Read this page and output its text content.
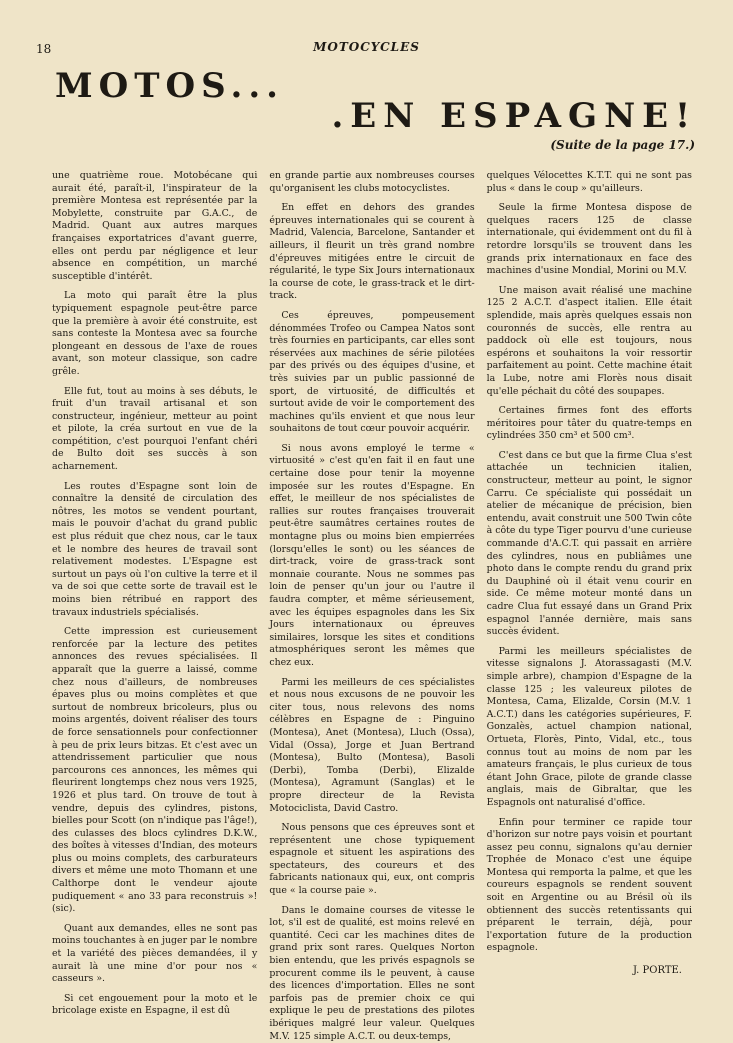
18	MOTOCYCLES
MOTOS...
.EN ESPAGNE!
(Suite de la page 17.)

une quatrième roue. Motobécane qui aurait été, paraît-il, l'inspirateur de la première Montesa est représentée par la Mobylette, construite par G.A.C., de Madrid. Quant aux autres marques françaises exportatrices d'avant guerre, elles ont perdu par négligence et leur absence en compétition, un marché susceptible d'intérêt.

La moto qui paraît être la plus typiquement espagnole peut-être parce que la première à avoir été construite, est sans conteste la Montesa avec sa fourche plongeant en dessous de l'axe de roues avant, son moteur classique, son cadre grêle.

Elle fut, tout au moins à ses débuts, le fruit d'un travail artisanal et son constructeur, ingénieur, metteur au point et pilote, la créa surtout en vue de la compétition, c'est pourquoi l'enfant chéri de Bulto doit ses succès à son acharnement.

Les routes d'Espagne sont loin de connaître la densité de circulation des nôtres, les motos se vendent pourtant, mais le pouvoir d'achat du grand public est plus réduit que chez nous, car le taux et le nombre des heures de travail sont relativement modestes. L'Espagne est surtout un pays où l'on cultive la terre et il va de soi que cette sorte de travail est le moins bien rétribué en rapport des travaux industriels spécialisés.

Cette impression est curieusement renforcée par la lecture des petites annonces des revues spécialisées. Il apparaît que la guerre a laissé, comme chez nous d'ailleurs, de nombreuses épaves plus ou moins complètes et que surtout de nombreux bricoleurs, plus ou moins argentés, doivent réaliser des tours de force sensationnels pour confectionner à peu de prix leurs bitzas. Et c'est avec un attendrissement particulier que nous parcourons ces annonces, les mêmes qui fleurirent longtemps chez nous vers 1925, 1926 et plus tard. On trouve de tout à vendre, depuis des cylindres, pistons, bielles pour Scott (on n'indique pas l'âge!), des culasses des blocs cylindres D.K.W., des boîtes à vitesses d'Indian, des moteurs plus ou moins complets, des carburateurs divers et même une moto Thomann et une Calthorpe dont le vendeur ajoute pudiquement « ano 33 para reconstruis »! (sic).

Quant aux demandes, elles ne sont pas moins touchantes à en juger par le nombre et la variété des pièces demandées, il y aurait là une mine d'or pour nos « casseurs ».

Si cet engouement pour la moto et le bricolage existe en Espagne, il est dû

en grande partie aux nombreuses courses qu'organisent les clubs motocyclistes.

En effet en dehors des grandes épreuves internationales qui se courent à Madrid, Valencia, Barcelone, Santander et ailleurs, il fleurit un très grand nombre d'épreuves mitigées entre le circuit de régularité, le type Six Jours internationaux la course de cote, le grass-track et le dirt-track.

Ces épreuves, pompeusement dénommées Trofeo ou Campea Natos sont très fournies en participants, car elles sont réservées aux machines de série pilotées par des privés ou des équipes d'usine, et très suivies par un public passionné de sport, de virtuosité, de difficultés et surtout avide de voir le comportement des machines qu'ils envient et que nous leur souhaitons de tout cœur pouvoir acquérir.

Si nous avons employé le terme « virtuosité » c'est qu'en fait il en faut une certaine dose pour tenir la moyenne imposée sur les routes d'Espagne. En effet, le meilleur de nos spécialistes de rallies sur routes françaises trouverait peut-être saumâtres certaines routes de montagne plus ou moins bien empierrées (lorsqu'elles le sont) ou les séances de dirt-track, voire de grass-track sont monnaie courante. Nous ne sommes pas loin de penser qu'un jour ou l'autre il faudra compter, et même sérieusement, avec les équipes espagnoles dans les Six Jours internationaux ou épreuves similaires, lorsque les sites et conditions atmosphériques seront les mêmes que chez eux.

Parmi les meilleurs de ces spécialistes et nous nous excusons de ne pouvoir les citer tous, nous relevons des noms célèbres en Espagne de : Pinguino (Montesa), Anet (Montesa), Lluch (Ossa), Vidal (Ossa), Jorge et Juan Bertrand (Montesa), Bulto (Montesa), Basoli (Derbi), Tomba (Derbi), Elizalde (Montesa), Agramunt (Sanglas) et le propre directeur de la Revista Motociclista, David Castro.

Nous pensons que ces épreuves sont et représentent une chose typiquement espagnole et situent les aspirations des spectateurs, des coureurs et des fabricants nationaux qui, eux, ont compris que « la course paie ».

Dans le domaine courses de vitesse le lot, s'il est de qualité, est moins relevé en quantité. Ceci car les machines dites de grand prix sont rares. Quelques Norton bien entendu, que les privés espagnols se procurent comme ils le peuvent, à cause des licences d'importation. Elles ne sont parfois pas de premier choix ce qui explique le peu de prestations des pilotes ibériques malgré leur valeur. Quelques M.V. 125 simple A.C.T. ou deux-temps,

quelques Vélocettes K.T.T. qui ne sont pas plus « dans le coup » qu'ailleurs.

Seule la firme Montesa dispose de quelques racers 125 de classe internationale, qui évidemment ont du fil à retordre lorsqu'ils se trouvent dans les grands prix internationaux en face des machines d'usine Mondial, Morini ou M.V.

Une maison avait réalisé une machine 125 2 A.C.T. d'aspect italien. Elle était splendide, mais après quelques essais non couronnés de succès, elle rentra au paddock où elle est toujours, nous espérons et souhaitons la voir ressortir parfaitement au point. Cette machine était la Lube, notre ami Florès nous disait qu'elle péchait du côté des soupapes.

Certaines firmes font des efforts méritoires pour tâter du quatre-temps en cylindrées 350 cm³ et 500 cm³.

C'est dans ce but que la firme Clua s'est attachée un technicien italien, constructeur, metteur au point, le signor Carru. Ce spécialiste qui possédait un atelier de mécanique de précision, bien entendu, avait construit une 500 Twin côte à côte du type Tiger pourvu d'une curieuse commande d'A.C.T. qui passait en arrière des cylindres, nous en publiâmes une photo dans le compte rendu du grand prix du Dauphiné où il était venu courir en side. Ce même moteur monté dans un cadre Clua fut essayé dans un Grand Prix espagnol l'année dernière, mais sans succès évident.

Parmi les meilleurs spécialistes de vitesse signalons J. Atorassagasti (M.V. simple arbre), champion d'Espagne de la classe 125 ; les valeureux pilotes de Montesa, Cama, Elizalde, Corsin (M.V. 1 A.C.T.) dans les catégories supérieures, F. Gonzalès, actuel champion national, Ortueta, Florès, Pinto, Vidal, etc., tous connus tout au moins de nom par les amateurs français, le plus curieux de tous étant John Grace, pilote de grande classe anglais, mais de Gibraltar, que les Espagnols ont naturalisé d'office.

Enfin pour terminer ce rapide tour d'horizon sur notre pays voisin et pourtant assez peu connu, signalons qu'au dernier Trophée de Monaco c'est une équipe Montesa qui remporta la palme, et que les coureurs espagnols se rendent souvent soit en Argentine ou au Brésil où ils obtiennent des succès retentissants qui préparent le terrain, déjà, pour l'exportation future de la production espagnole.

J. PORTE.
